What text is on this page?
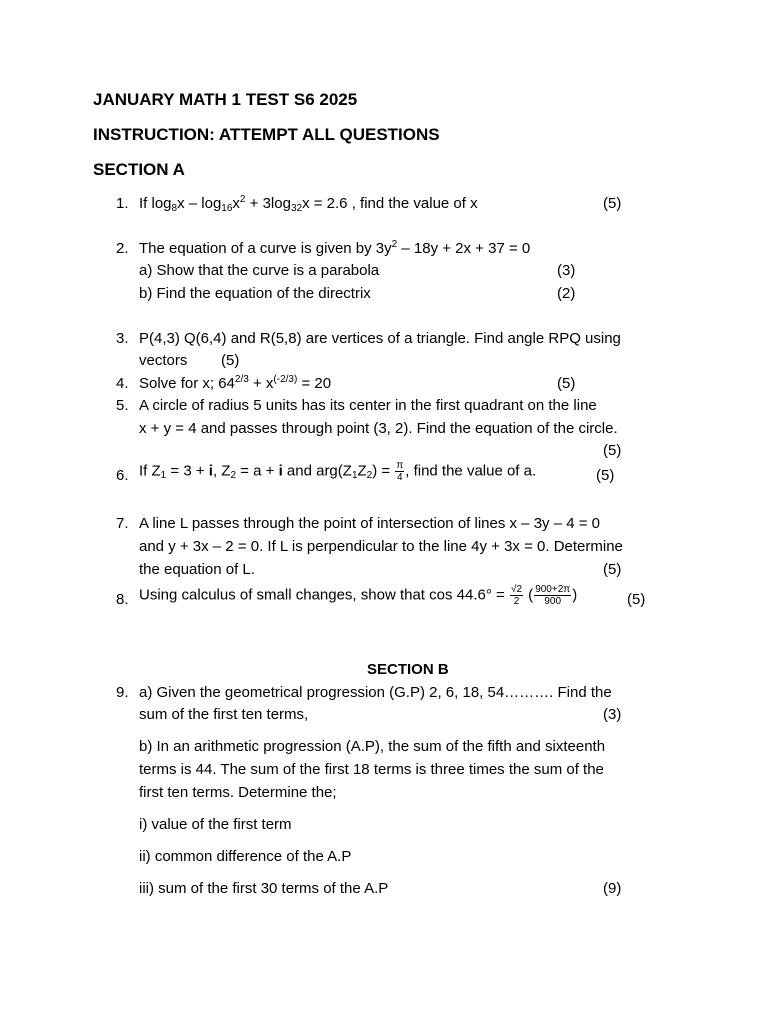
JANUARY MATH 1 TEST S6 2025
INSTRUCTION: ATTEMPT ALL QUESTIONS
SECTION A
1. If $\log_8x - \log_{16}x^2 + 3\log_{32}x = 2.6$ , find the value of x	(5)
2. The equation of a curve is given by $3y^2 - 18y + 2x + 37 = 0$
a) Show that the curve is a parabola	(3)
b) Find the equation of the directrix	(2)
3. P(4,3) Q(6,4) and R(5,8) are vertices of a triangle. Find angle RPQ using
vectors (5)
4. Solve for x; $64^{2/3} + x^{(-2/3)} = 20$	(5)
5. A circle of radius 5 units has its center in the first quadrant on the line
x + y = 4 and passes through point (3, 2). Find the equation of the circle.
(5)
6. If $Z_1 = 3 + i$, $Z_2 = a + i$ and $arg(Z_1Z_2) = \frac{\pi}{4}$ , find the value of a.	(5)
7. A line L passes through the point of intersection of lines x – 3y – 4 = 0
and y + 3x – 2 = 0. If L is perpendicular to the line 4y + 3x = 0. Determine
the equation of L.	(5)
8. Using calculus of small changes, show that $\cos 44.6^\circ = \frac{√2}{2}$ ( $\frac{900+2\pi}{900}$ )	(5)
SECTION B
9. a) Given the geometrical progression (G.P) 2, 6, 18, 54………. Find the
sum of the first ten terms,	(3)
b) In an arithmetic progression (A.P), the sum of the fifth and sixteenth
terms is 44. The sum of the first 18 terms is three times the sum of the
first ten terms. Determine the;
i) value of the first term
ii) common difference of the A.P
iii) sum of the first 30 terms of the A.P	(9)
